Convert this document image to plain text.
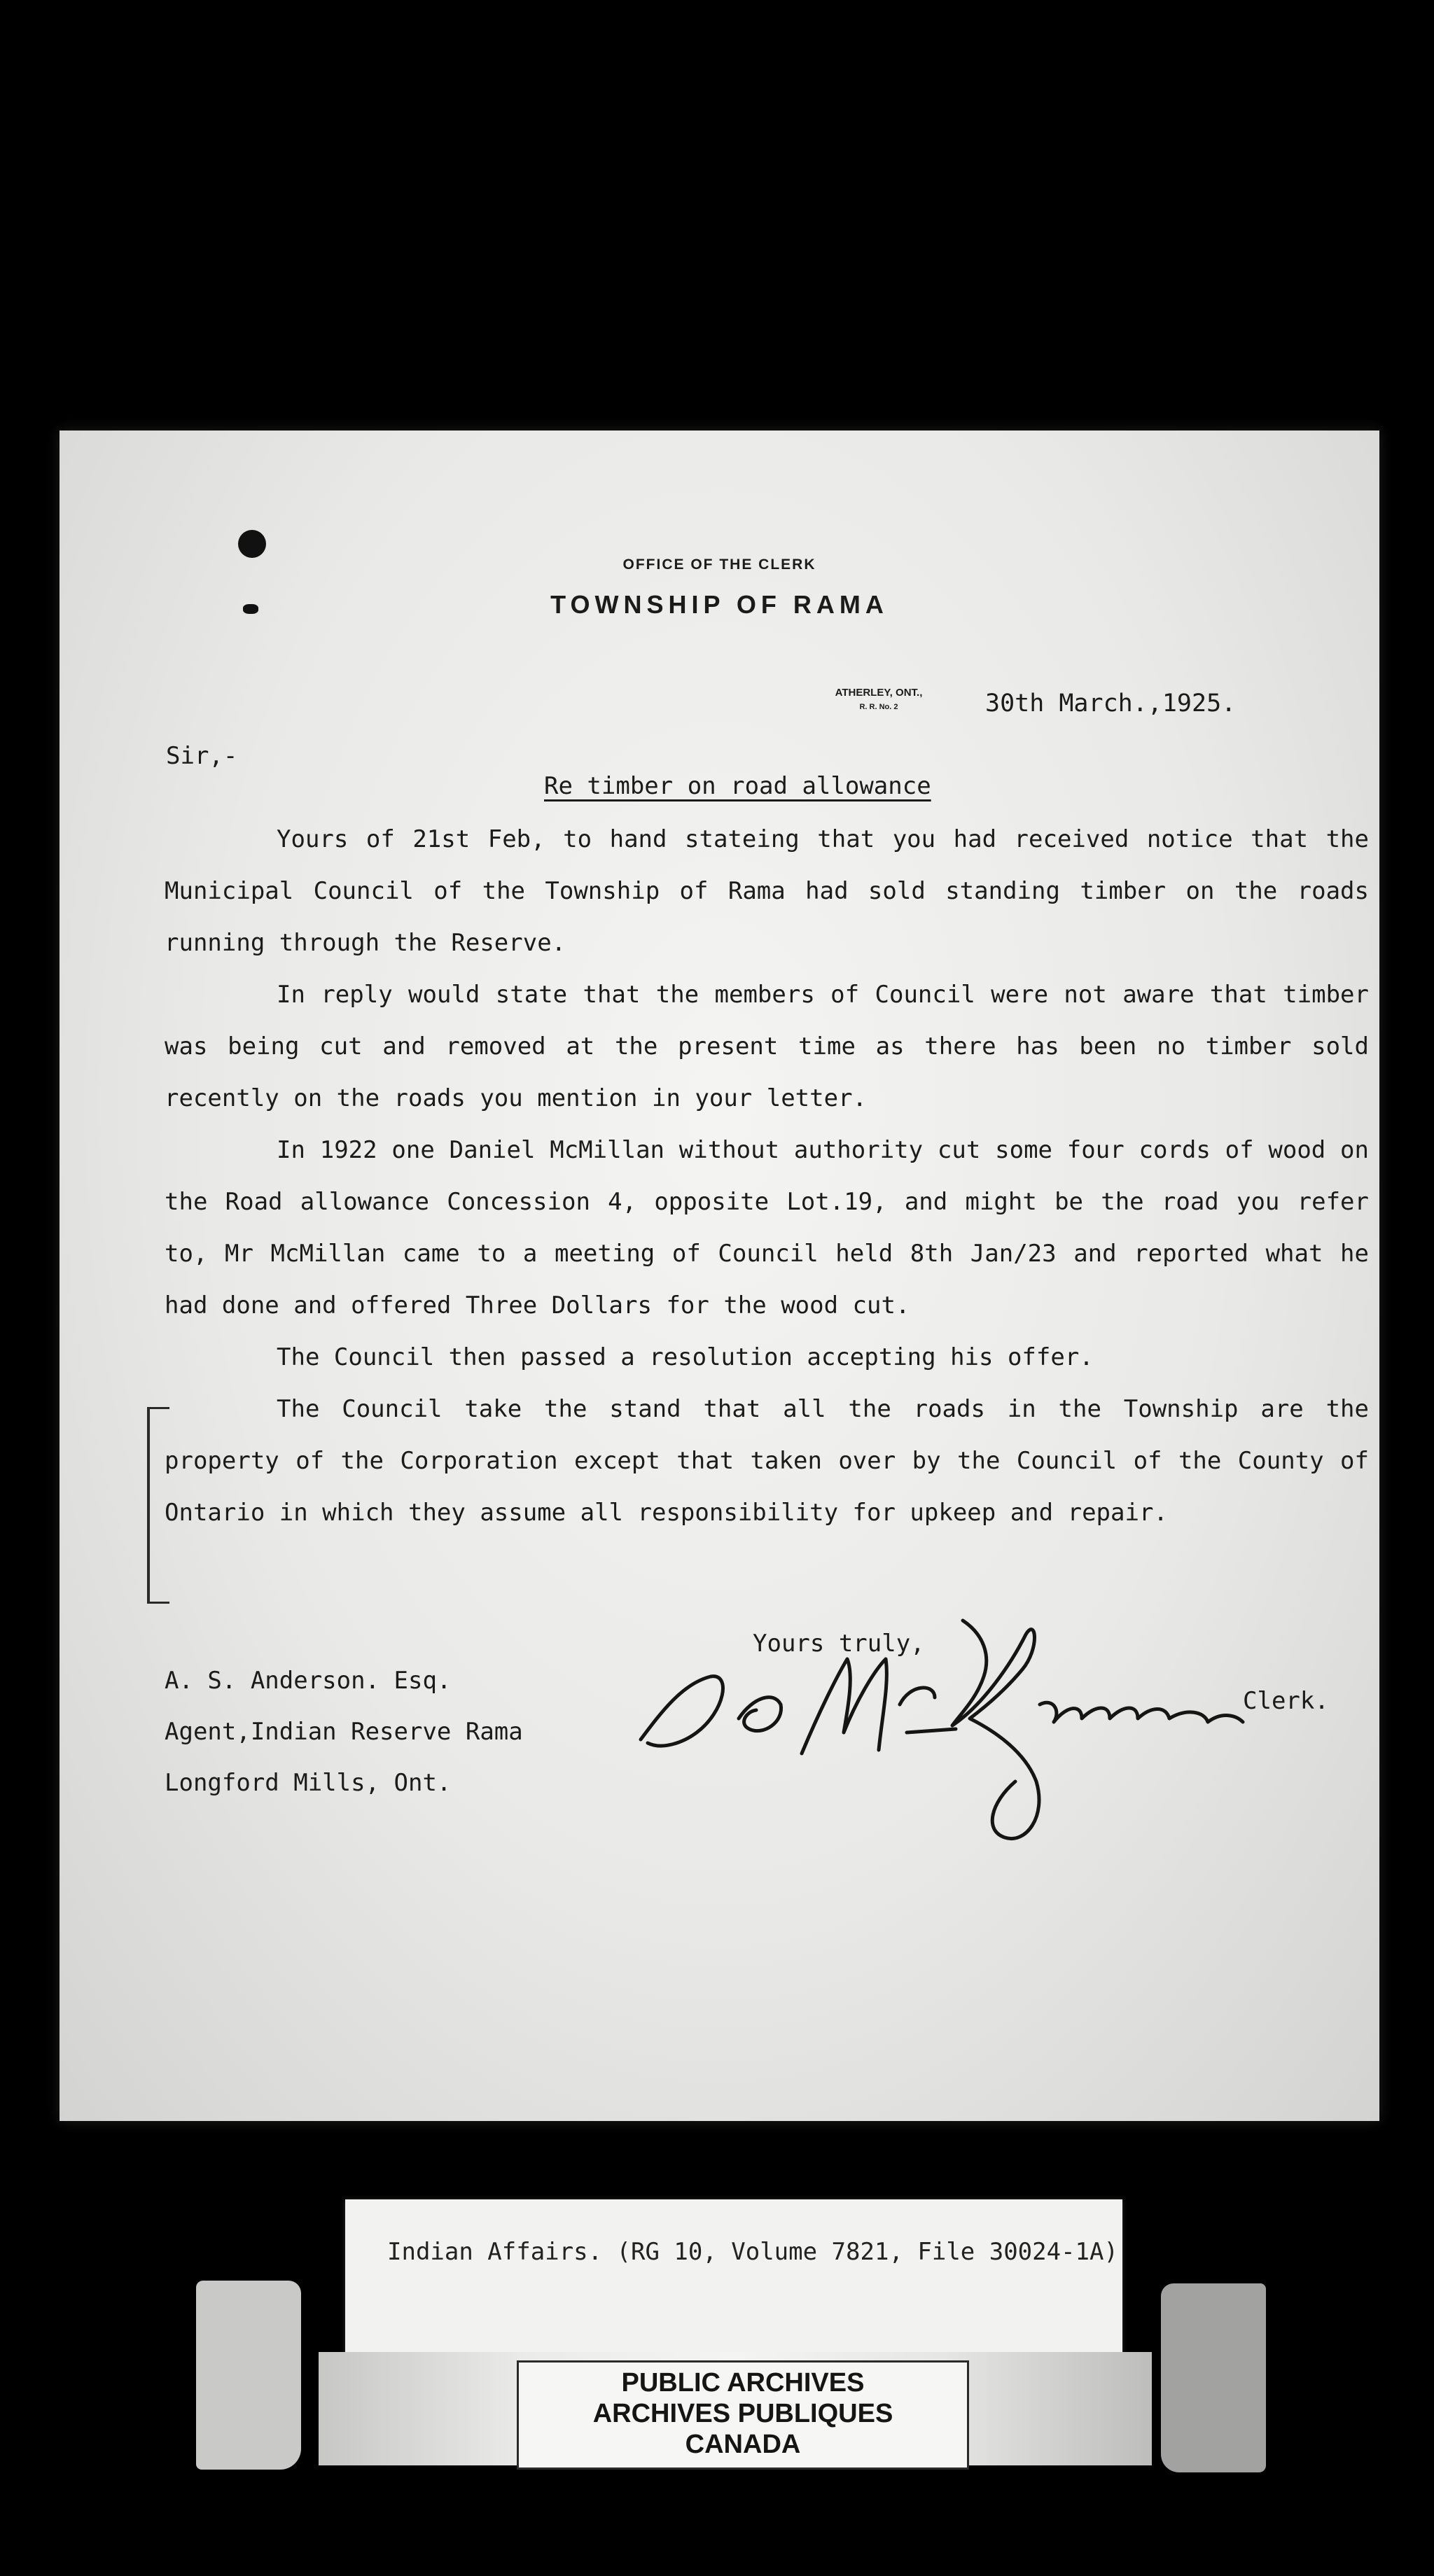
OFFICE OF THE CLERK
TOWNSHIP OF RAMA
ATHERLEY, ONT.,
R. R. No. 2	30th March.,1925.
Sir,-
Re timber on road allowance

Yours of 21st Feb, to hand stateing that you had received notice that the Municipal Council of the Township of Rama had sold standing timber on the roads running through the Reserve.

In reply would state that the members of Council were not aware that timber was being cut and removed at the present time as there has been no timber sold recently on the roads you mention in your letter.

In 1922 one Daniel McMillan without authority cut some four cords of wood on the Road allowance Concession 4, opposite Lot.19, and might be the road you refer to, Mr McMillan came to a meeting of Council held 8th Jan/23 and reported what he had done and offered Three Dollars for the wood cut.

The Council then passed a resolution accepting his offer.

The Council take the stand that all the roads in the Township are the property of the Corporation except that taken over by the Council of the County of Ontario in which they assume all responsibility for upkeep and repair.

Yours truly,
Clerk.
A. S. Anderson. Esq.
Agent,Indian Reserve Rama
Longford Mills, Ont.
Indian Affairs. (RG 10, Volume 7821, File 30024-1A)
PUBLIC ARCHIVES
ARCHIVES PUBLIQUES
CANADA
